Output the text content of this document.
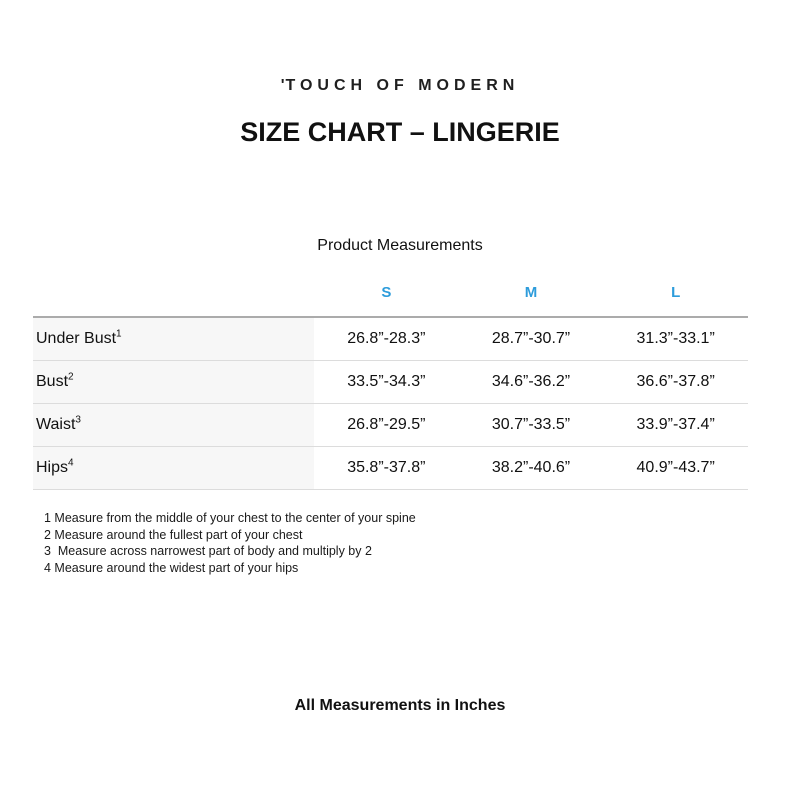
'TOUCH OF MODERN
SIZE CHART – LINGERIE
Product Measurements
	S	M	L
Under Bust$^1$	26.8”-28.3”	28.7”-30.7”	31.3”-33.1”
Bust$^2$	33.5”-34.3”	34.6”-36.2”	36.6”-37.8”
Waist$^3$	26.8”-29.5”	30.7”-33.5”	33.9”-37.4”
Hips$^4$	35.8”-37.8”	38.2”-40.6”	40.9”-43.7”
1 Measure from the middle of your chest to the center of your spine
2 Measure around the fullest part of your chest
3  Measure across narrowest part of body and multiply by 2
4 Measure around the widest part of your hips
All Measurements in Inches
